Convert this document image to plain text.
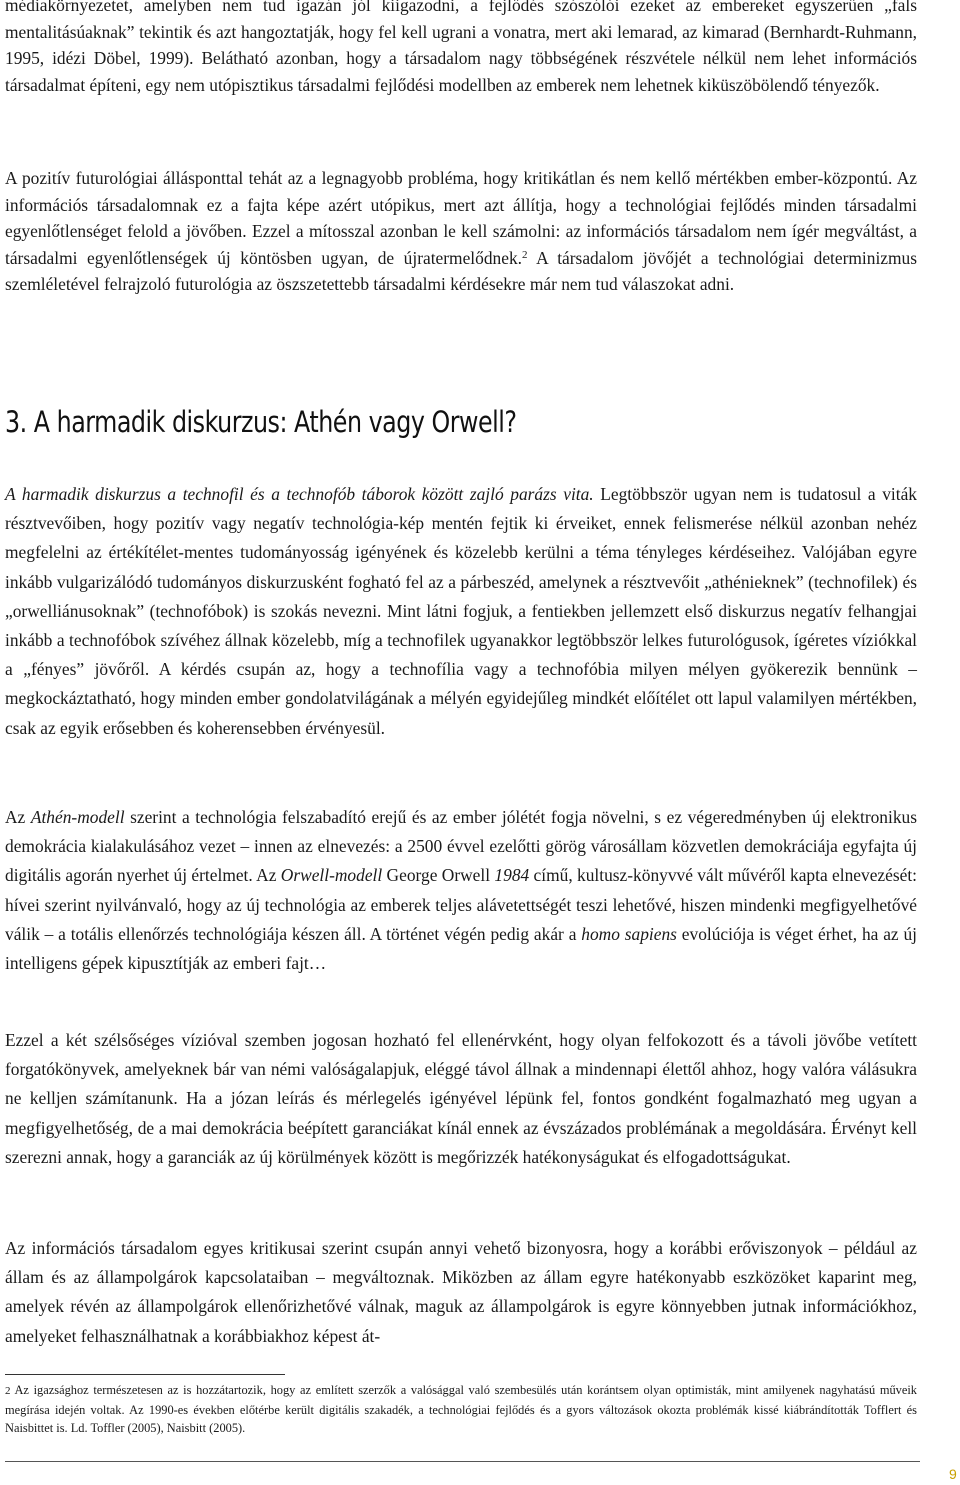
médiakörnyezetet, amelyben nem tud igazán jól kiigazodni, a fejlődés szószólói ezeket az embereket egyszerűen „fals mentalitásúaknak” tekintik és azt hangoztatják, hogy fel kell ugrani a vonatra, mert aki lemarad, az kimarad (Bernhardt-Ruhmann, 1995, idézi Döbel, 1999). Belátható azonban, hogy a társadalom nagy többségének részvétele nélkül nem lehet információs társadalmat építeni, egy nem utópisztikus társadalmi fejlődési modellben az emberek nem lehetnek kiküszöbölendő tényezők.

A pozitív futurológiai állásponttal tehát az a legnagyobb probléma, hogy kritikátlan és nem kellő mértékben ember-központú. Az információs társadalomnak ez a fajta képe azért utópikus, mert azt állítja, hogy a technológiai fejlődés minden társadalmi egyenlőtlenséget felold a jövőben. Ezzel a mítosszal azonban le kell számolni: az információs társadalom nem ígér megváltást, a társadalmi egyenlőtlenségek új köntösben ugyan, de újratermelődnek.$^2$ A társadalom jövőjét a technológiai determinizmus szemléletével felrajzoló futurológia az öszszetettebb társadalmi kérdésekre már nem tud válaszokat adni.

3. A harmadik diskurzus: Athén vagy Orwell?

A harmadik diskurzus a technofil és a technofób táborok között zajló parázs vita. Legtöbbször ugyan nem is tudatosul a viták résztvevőiben, hogy pozitív vagy negatív technológia-kép mentén fejtik ki érveiket, ennek felismerése nélkül azonban nehéz megfelelni az értékítélet-mentes tudományosság igényének és közelebb kerülni a téma tényleges kérdéseihez. Valójában egyre inkább vulgarizálódó tudományos diskurzusként fogható fel az a párbeszéd, amelynek a résztvevőit „athénieknek” (technofilek) és „orwelliánusoknak” (technofóbok) is szokás nevezni. Mint látni fogjuk, a fentiekben jellemzett első diskurzus negatív felhangjai inkább a technofóbok szívéhez állnak közelebb, míg a technofilek ugyanakkor legtöbbször lelkes futurológusok, ígéretes víziókkal a „fényes” jövőről. A kérdés csupán az, hogy a technofília vagy a technofóbia milyen mélyen gyökerezik bennünk – megkockáztatható, hogy minden ember gondolatvilágának a mélyén egyidejűleg mindkét előítélet ott lapul valamilyen mértékben, csak az egyik erősebben és koherensebben érvényesül.

Az Athén-modell szerint a technológia felszabadító erejű és az ember jólétét fogja növelni, s ez végeredményben új elektronikus demokrácia kialakulásához vezet – innen az elnevezés: a 2500 évvel ezelőtti görög városállam közvetlen demokráciája egyfajta új digitális agorán nyerhet új értelmet. Az Orwell-modell George Orwell 1984 című, kultusz-könyvvé vált művéről kapta elnevezését: hívei szerint nyilvánvaló, hogy az új technológia az emberek teljes alávetettségét teszi lehetővé, hiszen mindenki megfigyelhetővé válik – a totális ellenőrzés technológiája készen áll. A történet végén pedig akár a homo sapiens evolúciója is véget érhet, ha az új intelligens gépek kipusztítják az emberi fajt…

Ezzel a két szélsőséges vízióval szemben jogosan hozható fel ellenérvként, hogy olyan felfokozott és a távoli jövőbe vetített forgatókönyvek, amelyeknek bár van némi valóságalapjuk, eléggé távol állnak a mindennapi élettől ahhoz, hogy valóra válásukra ne kelljen számítanunk. Ha a józan leírás és mérlegelés igényével lépünk fel, fontos gondként fogalmazható meg ugyan a megfigyelhetőség, de a mai demokrácia beépített garanciákat kínál ennek az évszázados problémának a megoldására. Érvényt kell szerezni annak, hogy a garanciák az új körülmények között is megőrizzék hatékonyságukat és elfogadottságukat.

Az információs társadalom egyes kritikusai szerint csupán annyi vehető bizonyosra, hogy a korábbi erőviszonyok – például az állam és az állampolgárok kapcsolataiban – megváltoznak. Miközben az állam egyre hatékonyabb eszközöket kaparint meg, amelyek révén az állampolgárok ellenőrizhetővé válnak, maguk az állampolgárok is egyre könnyebben jutnak információkhoz, amelyeket felhasználhatnak a korábbiakhoz képest át-

2 Az igazsághoz természetesen az is hozzátartozik, hogy az említett szerzők a valósággal való szembesülés után korántsem olyan optimisták, mint amilyenek nagyhatású műveik megírása idején voltak. Az 1990-es években előtérbe került digitális szakadék, a technológiai fejlődés és a gyors változások okozta problémák kissé kiábrándították Tofflert és Naisbittet is. Ld. Toffler (2005), Naisbitt (2005).

9
